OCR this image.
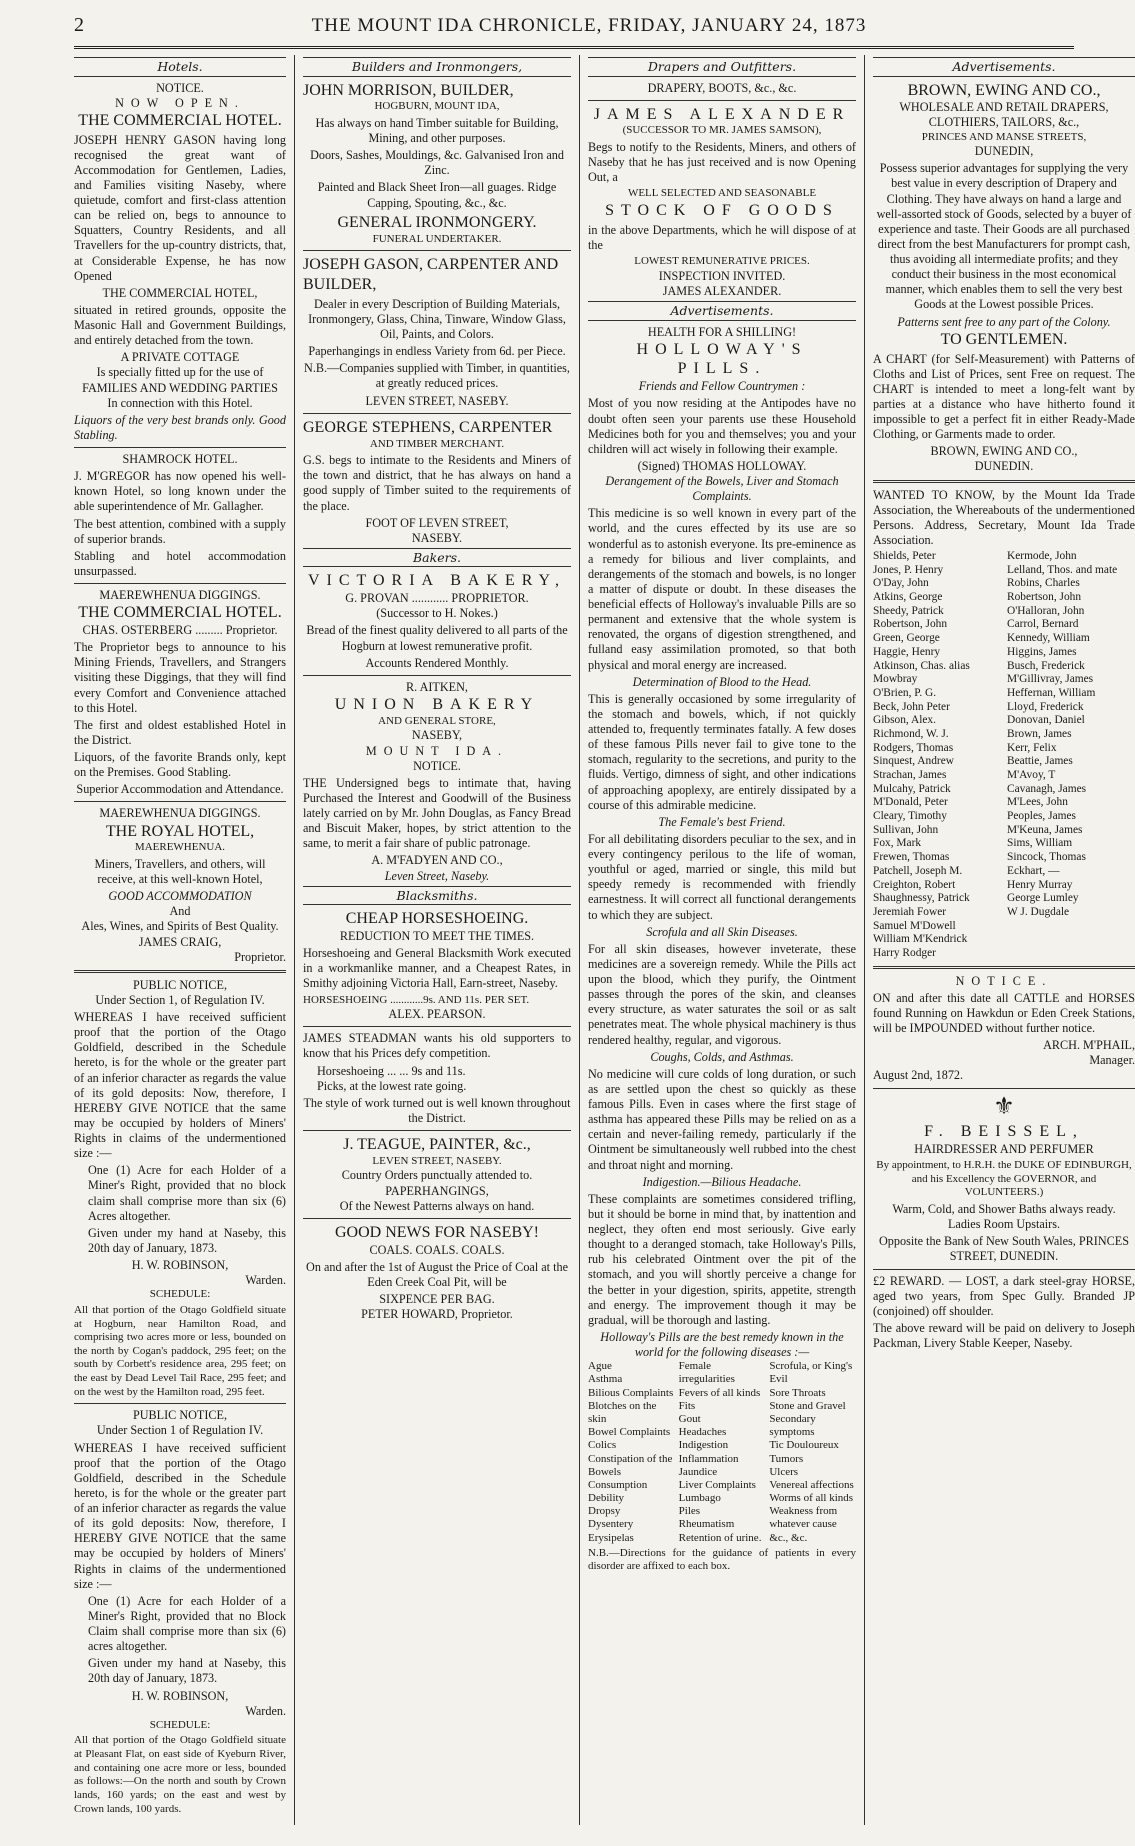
2	THE MOUNT IDA CHRONICLE, FRIDAY, JANUARY 24, 1873
Hotels.
NOTICE.
NOW OPEN.
THE COMMERCIAL HOTEL.

JOSEPH HENRY GASON having long recognised the great want of Accommodation for Gentlemen, Ladies, and Families visiting Naseby, where quietude, comfort and first-class attention can be relied on, begs to announce to Squatters, Country Residents, and all Travellers for the up-country districts, that, at Considerable Expense, he has now Opened

THE COMMERCIAL HOTEL,

situated in retired grounds, opposite the Masonic Hall and Government Buildings, and entirely detached from the town.

A PRIVATE COTTAGE
Is specially fitted up for the use of
FAMILIES AND WEDDING PARTIES
In connection with this Hotel.

Liquors of the very best brands only. Good Stabling.

SHAMROCK HOTEL.

J. M'GREGOR has now opened his well-known Hotel, so long known under the able superintendence of Mr. Gallagher.

The best attention, combined with a supply of superior brands.

Stabling and hotel accommodation unsurpassed.

MAEREWHENUA DIGGINGS.
THE COMMERCIAL HOTEL.
CHAS. OSTERBERG ......... Proprietor.

The Proprietor begs to announce to his Mining Friends, Travellers, and Strangers visiting these Diggings, that they will find every Comfort and Convenience attached to this Hotel.

The first and oldest established Hotel in the District.

Liquors, of the favorite Brands only, kept on the Premises. Good Stabling.

Superior Accommodation and Attendance.
MAEREWHENUA DIGGINGS.
THE ROYAL HOTEL,
MAEREWHENUA.

Miners, Travellers, and others, will receive, at this well-known Hotel,

GOOD ACCOMMODATION
And
Ales, Wines, and Spirits of Best Quality.
JAMES CRAIG,
Proprietor.
PUBLIC NOTICE,
Under Section 1, of Regulation IV.

WHEREAS I have received sufficient proof that the portion of the Otago Goldfield, described in the Schedule hereto, is for the whole or the greater part of an inferior character as regards the value of its gold deposits: Now, therefore, I HEREBY GIVE NOTICE that the same may be occupied by holders of Miners' Rights in claims of the undermentioned size :—

One (1) Acre for each Holder of a Miner's Right, provided that no block claim shall comprise more than six (6) Acres altogether.

Given under my hand at Naseby, this 20th day of January, 1873.

H. W. ROBINSON,
Warden.
SCHEDULE:

All that portion of the Otago Goldfield situate at Hogburn, near Hamilton Road, and comprising two acres more or less, bounded on the north by Cogan's paddock, 295 feet; on the south by Corbett's residence area, 295 feet; on the east by Dead Level Tail Race, 295 feet; and on the west by the Hamilton road, 295 feet.

PUBLIC NOTICE,
Under Section 1 of Regulation IV.

WHEREAS I have received sufficient proof that the portion of the Otago Goldfield, described in the Schedule hereto, is for the whole or the greater part of an inferior character as regards the value of its gold deposits: Now, therefore, I HEREBY GIVE NOTICE that the same may be occupied by holders of Miners' Rights in claims of the undermentioned size :—

One (1) Acre for each Holder of a Miner's Right, provided that no Block Claim shall comprise more than six (6) acres altogether.

Given under my hand at Naseby, this 20th day of January, 1873.

H. W. ROBINSON,
Warden.
SCHEDULE:

All that portion of the Otago Goldfield situate at Pleasant Flat, on east side of Kyeburn River, and containing one acre more or less, bounded as follows:—On the north and south by Crown lands, 160 yards; on the east and west by Crown lands, 100 yards.

Builders and Ironmongers,
JOHN MORRISON, BUILDER,
HOGBURN, MOUNT IDA,

Has always on hand Timber suitable for Building, Mining, and other purposes.

Doors, Sashes, Mouldings, &c. Galvanised Iron and Zinc.

Painted and Black Sheet Iron—all guages. Ridge Capping, Spouting, &c., &c.

GENERAL IRONMONGERY.
FUNERAL UNDERTAKER.
JOSEPH GASON, CARPENTER AND BUILDER,

Dealer in every Description of Building Materials, Ironmongery, Glass, China, Tinware, Window Glass, Oil, Paints, and Colors.

Paperhangings in endless Variety from 6d. per Piece.

N.B.—Companies supplied with Timber, in quantities, at greatly reduced prices.

LEVEN STREET, NASEBY.
GEORGE STEPHENS, CARPENTER
AND TIMBER MERCHANT.

G.S. begs to intimate to the Residents and Miners of the town and district, that he has always on hand a good supply of Timber suited to the requirements of the place.

FOOT OF LEVEN STREET,
NASEBY.
Bakers.
VICTORIA BAKERY,
G. PROVAN ............ PROPRIETOR.
(Successor to H. Nokes.)

Bread of the finest quality delivered to all parts of the Hogburn at lowest remunerative profit.

Accounts Rendered Monthly.
R. AITKEN,
UNION BAKERY
AND GENERAL STORE,
NASEBY,
MOUNT IDA.
NOTICE.

THE Undersigned begs to intimate that, having Purchased the Interest and Goodwill of the Business lately carried on by Mr. John Douglas, as Fancy Bread and Biscuit Maker, hopes, by strict attention to the same, to merit a fair share of public patronage.

A. M'FADYEN AND CO.,
Leven Street, Naseby.
Blacksmiths.
CHEAP HORSESHOEING.
REDUCTION TO MEET THE TIMES.

Horseshoeing and General Blacksmith Work executed in a workmanlike manner, and a Cheapest Rates, in Smithy adjoining Victoria Hall, Earn-street, Naseby.

HORSESHOEING ............9s. AND 11s. PER SET.
ALEX. PEARSON.

JAMES STEADMAN wants his old supporters to know that his Prices defy competition.

Horseshoeing ... ... 9s and 11s.
Picks, at the lowest rate going.

The style of work turned out is well known throughout the District.

J. TEAGUE, PAINTER, &c.,
LEVEN STREET, NASEBY.
Country Orders punctually attended to.
PAPERHANGINGS,
Of the Newest Patterns always on hand.
GOOD NEWS FOR NASEBY!
COALS. COALS. COALS.

On and after the 1st of August the Price of Coal at the Eden Creek Coal Pit, will be

SIXPENCE PER BAG.
PETER HOWARD, Proprietor.
Drapers and Outfitters.
DRAPERY, BOOTS, &c., &c.
JAMES ALEXANDER
(SUCCESSOR TO MR. JAMES SAMSON),

Begs to notify to the Residents, Miners, and others of Naseby that he has just received and is now Opening Out, a

WELL SELECTED AND SEASONABLE
STOCK OF GOODS

in the above Departments, which he will dispose of at the

LOWEST REMUNERATIVE PRICES.
INSPECTION INVITED.
JAMES ALEXANDER.
Advertisements.
HEALTH FOR A SHILLING!
HOLLOWAY'S PILLS.
Friends and Fellow Countrymen :

Most of you now residing at the Antipodes have no doubt often seen your parents use these Household Medicines both for you and themselves; you and your children will act wisely in following their example.

(Signed) THOMAS HOLLOWAY.
Derangement of the Bowels, Liver and Stomach Complaints.

This medicine is so well known in every part of the world, and the cures effected by its use are so wonderful as to astonish everyone. Its pre-eminence as a remedy for bilious and liver complaints, and derangements of the stomach and bowels, is no longer a matter of dispute or doubt. In these diseases the beneficial effects of Holloway's invaluable Pills are so permanent and extensive that the whole system is renovated, the organs of digestion strengthened, and fulland easy assimilation promoted, so that both physical and moral energy are increased.

Determination of Blood to the Head.

This is generally occasioned by some irregularity of the stomach and bowels, which, if not quickly attended to, frequently terminates fatally. A few doses of these famous Pills never fail to give tone to the stomach, regularity to the secretions, and purity to the fluids. Vertigo, dimness of sight, and other indications of approaching apoplexy, are entirely dissipated by a course of this admirable medicine.

The Female's best Friend.

For all debilitating disorders peculiar to the sex, and in every contingency perilous to the life of woman, youthful or aged, married or single, this mild but speedy remedy is recommended with friendly earnestness. It will correct all functional derangements to which they are subject.

Scrofula and all Skin Diseases.

For all skin diseases, however inveterate, these medicines are a sovereign remedy. While the Pills act upon the blood, which they purify, the Ointment passes through the pores of the skin, and cleanses every structure, as water saturates the soil or as salt penetrates meat. The whole physical machinery is thus rendered healthy, regular, and vigorous.

Coughs, Colds, and Asthmas.

No medicine will cure colds of long duration, or such as are settled upon the chest so quickly as these famous Pills. Even in cases where the first stage of asthma has appeared these Pills may be relied on as a certain and never-failing remedy, particularly if the Ointment be simultaneously well rubbed into the chest and throat night and morning.

Indigestion.—Bilious Headache.

These complaints are sometimes considered trifling, but it should be borne in mind that, by inattention and neglect, they often end most seriously. Give early thought to a deranged stomach, take Holloway's Pills, rub his celebrated Ointment over the pit of the stomach, and you will shortly perceive a change for the better in your digestion, spirits, appetite, strength and energy. The improvement though it may be gradual, will be thorough and lasting.

Holloway's Pills are the best remedy known in the world for the following diseases :—
Ague
Asthma
Bilious Complaints
Blotches on the skin
Bowel Complaints
Colics
Constipation of the Bowels
Consumption
Debility
Dropsy
Dysentery
Erysipelas
Female irregularities
Fevers of all kinds
Fits
Gout
Headaches
Indigestion
Inflammation
Jaundice
Liver Complaints
Lumbago
Piles
Rheumatism
Retention of urine.
Scrofula, or King's Evil
Sore Throats
Stone and Gravel
Secondary symptoms
Tic Douloureux
Tumors
Ulcers
Venereal affections
Worms of all kinds
Weakness from whatever cause &c., &c.

N.B.—Directions for the guidance of patients in every disorder are affixed to each box.

Advertisements.
BROWN, EWING AND CO.,
WHOLESALE AND RETAIL DRAPERS, CLOTHIERS, TAILORS, &c.,
PRINCES AND MANSE STREETS,
DUNEDIN,

Possess superior advantages for supplying the very best value in every description of Drapery and Clothing. They have always on hand a large and well-assorted stock of Goods, selected by a buyer of experience and taste. Their Goods are all purchased direct from the best Manufacturers for prompt cash, thus avoiding all intermediate profits; and they conduct their business in the most economical manner, which enables them to sell the very best Goods at the Lowest possible Prices.

Patterns sent free to any part of the Colony.
TO GENTLEMEN.

A CHART (for Self-Measurement) with Patterns of Cloths and List of Prices, sent Free on request. The CHART is intended to meet a long-felt want by parties at a distance who have hitherto found it impossible to get a perfect fit in either Ready-Made Clothing, or Garments made to order.

BROWN, EWING AND CO.,
DUNEDIN.

WANTED TO KNOW, by the Mount Ida Trade Association, the Whereabouts of the undermentioned Persons. Address, Secretary, Mount Ida Trade Association.

Shields, Peter
Jones, P. Henry
O'Day, John
Atkins, George
Sheedy, Patrick
Robertson, John
Green, George
Haggie, Henry
Atkinson, Chas. alias Mowbray
O'Brien, P. G.
Beck, John Peter
Gibson, Alex.
Richmond, W. J.
Rodgers, Thomas
Sinquest, Andrew
Strachan, James
Mulcahy, Patrick
M'Donald, Peter
Cleary, Timothy
Sullivan, John
Fox, Mark
Frewen, Thomas
Patchell, Joseph M.
Creighton, Robert
Shaughnessy, Patrick
Jeremiah Fower
Samuel M'Dowell
William M'Kendrick
Harry Rodger
Kermode, John
Lelland, Thos. and mate
Robins, Charles
Robertson, John
O'Halloran, John
Carrol, Bernard
Kennedy, William
Higgins, James
Busch, Frederick
M'Gillivray, James
Heffernan, William
Lloyd, Frederick
Donovan, Daniel
Brown, James
Kerr, Felix
Beattie, James
M'Avoy, T
Cavanagh, James
M'Lees, John
Peoples, James
M'Keuna, James
Sims, William
Sincock, Thomas
Eckhart, —
Henry Murray
George Lumley
W J. Dugdale
NOTICE.

ON and after this date all CATTLE and HORSES found Running on Hawkdun or Eden Creek Stations, will be IMPOUNDED without further notice.

ARCH. M'PHAIL,
Manager.
August 2nd, 1872.
⚜
F. BEISSEL,
HAIRDRESSER AND PERFUMER

By appointment, to H.R.H. the DUKE OF EDINBURGH, and his Excellency the GOVERNOR, and VOLUNTEERS.)

Warm, Cold, and Shower Baths always ready.
Ladies Room Upstairs.

Opposite the Bank of New South Wales, PRINCES STREET, DUNEDIN.

£2 REWARD. — LOST, a dark steel-gray HORSE, aged two years, from Spec Gully. Branded JP (conjoined) off shoulder.

The above reward will be paid on delivery to Joseph Packman, Livery Stable Keeper, Naseby.
